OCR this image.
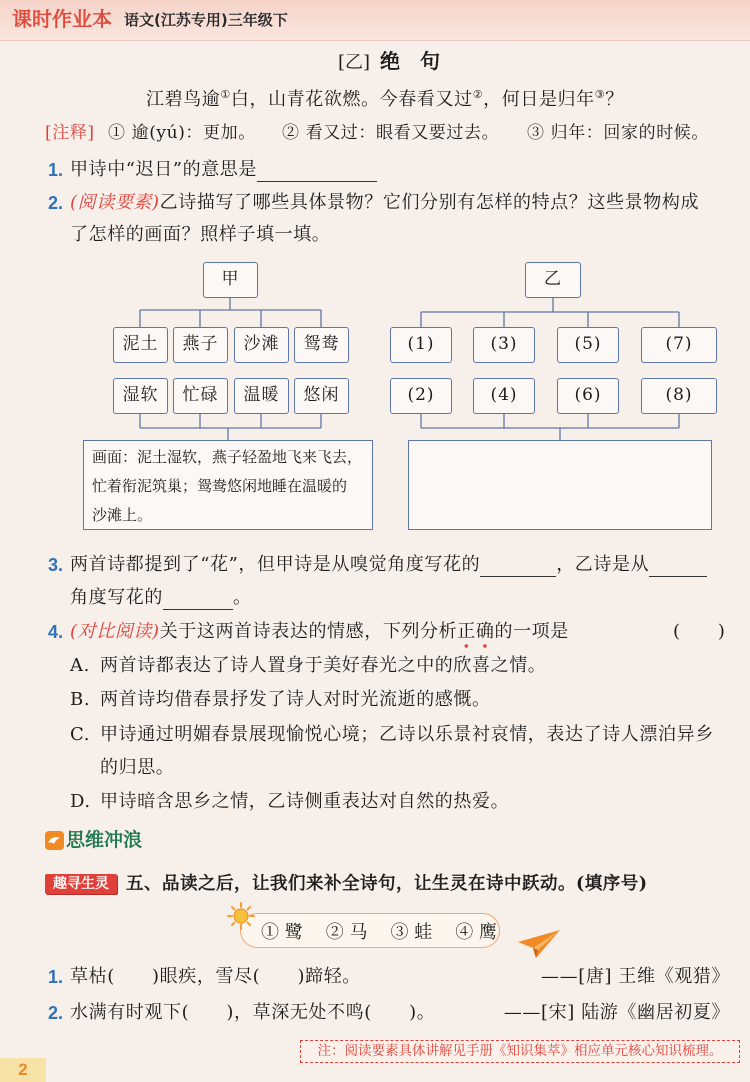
课时作业本 语文(江苏专用)三年级下
[乙] 绝　句
江碧鸟逾①白，山青花欲燃。今春看又过②，何日是归年③？
[注释] ① 逾(yú)：更加。 ② 看又过：眼看又要过去。 ③ 归年：回家的时候。
1. 甲诗中“迟日”的意思是
2. (阅读要素)乙诗描写了哪些具体景物？它们分别有怎样的特点？这些景物构成
了怎样的画面？照样子填一填。
甲
泥土	燕子	沙滩	鸳鸯
湿软	忙碌	温暖	悠闲
画面：泥土湿软，燕子轻盈地飞来飞去，
忙着衔泥筑巢；鸳鸯悠闲地睡在温暖的
沙滩上。
乙
(1)	(3)	(5)	(7)
(2)	(4)	(6)	(8)
3. 两首诗都提到了“花”，但甲诗是从嗅觉角度写花的	，乙诗是从
角度写花的	。
4. (对比阅读)关于这两首诗表达的情感，下列分析正确的一项是	(　　)
A. 两首诗都表达了诗人置身于美好春光之中的欣喜之情。
B. 两首诗均借春景抒发了诗人对时光流逝的感慨。
C. 甲诗通过明媚春景展现愉悦心境；乙诗以乐景衬哀情，表达了诗人漂泊异乡
的归思。
D. 甲诗暗含思乡之情，乙诗侧重表达对自然的热爱。
思维冲浪
趣寻生灵 五、品读之后，让我们来补全诗句，让生灵在诗中跃动。(填序号)
① 鹭 ② 马 ③ 蛙 ④ 鹰
1. 草枯(　　)眼疾，雪尽(　　)蹄轻。	——[唐] 王维《观猎》
2. 水满有时观下(　　)，草深无处不鸣(　　)。	——[宋] 陆游《幽居初夏》
注：阅读要素具体讲解见手册《知识集萃》相应单元核心知识梳理。
2
